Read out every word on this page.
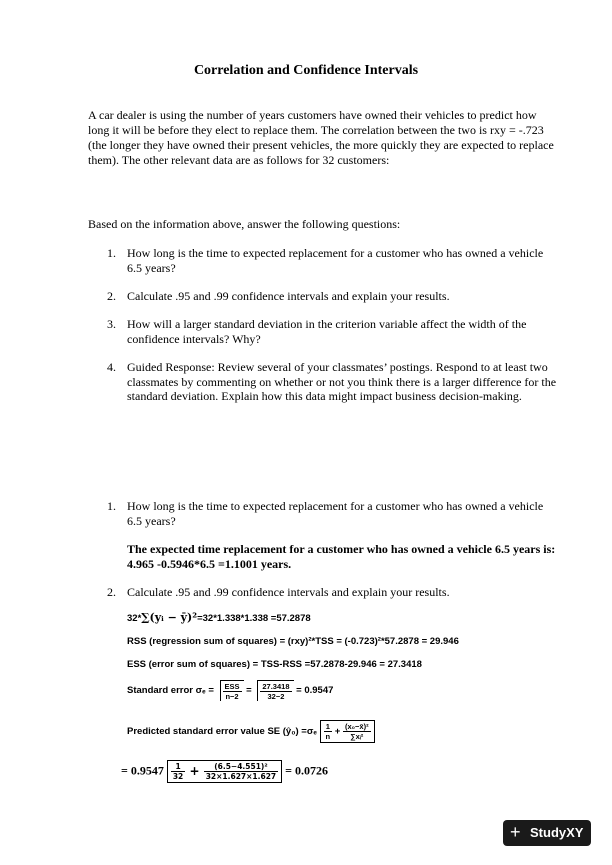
Correlation and Confidence Intervals
A car dealer is using the number of years customers have owned their vehicles to predict how
long it will be before they elect to replace them. The correlation between the two is rxy = -.723
(the longer they have owned their present vehicles, the more quickly they are expected to replace
them). The other relevant data are as follows for 32 customers:
Based on the information above, answer the following questions:
1. How long is the time to expected replacement for a customer who has owned a vehicle
6.5 years?
2. Calculate .95 and .99 confidence intervals and explain your results.
3. How will a larger standard deviation in the criterion variable affect the width of the
confidence intervals? Why?
4. Guided Response: Review several of your classmates’ postings. Respond to at least two
classmates by commenting on whether or not you think there is a larger difference for the
standard deviation. Explain how this data might impact business decision-making.
1. How long is the time to expected replacement for a customer who has owned a vehicle
6.5 years?
The expected time replacement for a customer who has owned a vehicle 6.5 years is:
4.965 -0.5946*6.5 =1.1001 years.
2. Calculate .95 and .99 confidence intervals and explain your results.
32*∑(yᵢ − ȳ)²=32*1.338*1.338 =57.2878
RSS (regression sum of squares) = (rxy)²*TSS = (-0.723)²*57.2878 = 29.946
ESS (error sum of squares) = TSS-RSS =57.2878-29.946 = 27.3418
Standard error $\sigma_e = \frac{\text{ESS}}{n-2} = \frac{27.3418}{32-2} = 0.9547$
Predicted standard error value SE (ŷ₀) $=\sigma_e \frac{1}{n} + \frac{\text{(x₀−x̄)²}}{\text{∑xᵢ²}}$
= $0.9547 \frac{1}{32} + \frac{\text{(6.5−4.551)²}}{32\times 1.627\times 1.627} = 0.0726$
+ StudyXY
